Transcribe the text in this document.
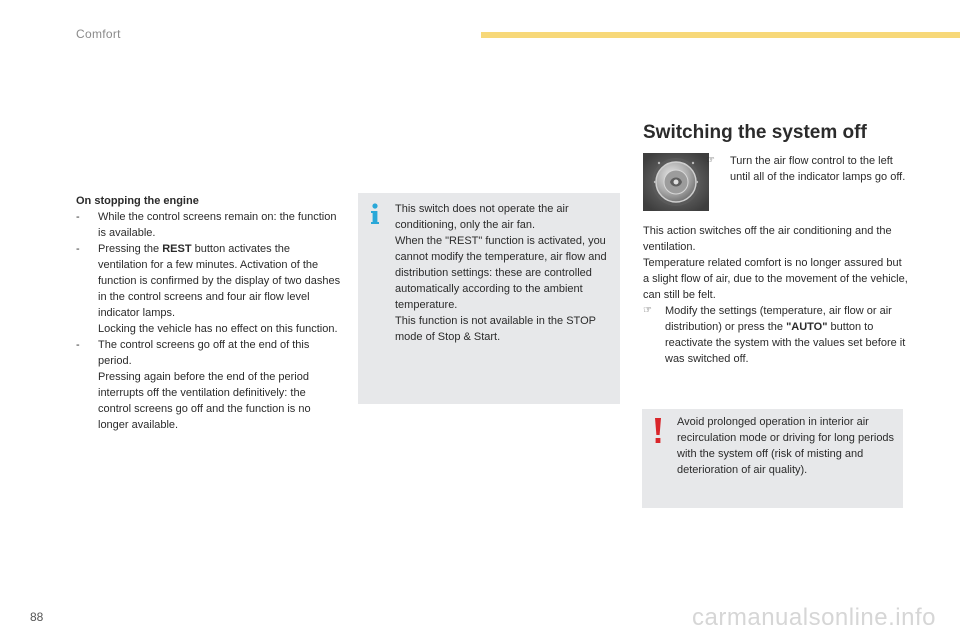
Comfort
On stopping the engine
- While the control screens remain on: the function is available.
- Pressing the REST button activates the ventilation for a few minutes. Activation of the function is confirmed by the display of two dashes in the control screens and four air flow level indicator lamps.
Locking the vehicle has no effect on this function.
- The control screens go off at the end of this period.
Pressing again before the end of the period interrupts off the ventilation definitively: the control screens go off and the function is no longer available.
This switch does not operate the air conditioning, only the air fan.
When the "REST" function is activated, you cannot modify the temperature, air flow and distribution settings: these are controlled automatically according to the ambient temperature.
This function is not available in the STOP mode of Stop & Start.
Switching the system off
☞	Turn the air flow control to the left until all of the indicator lamps go off.
This action switches off the air conditioning and the ventilation.
Temperature related comfort is no longer assured but a slight flow of air, due to the movement of the vehicle, can still be felt.
☞ Modify the settings (temperature, air flow or air distribution) or press the "AUTO" button to reactivate the system with the values set before it was switched off.
Avoid prolonged operation in interior air recirculation mode or driving for long periods with the system off (risk of misting and deterioration of air quality).
88	carmanualsonline.info
